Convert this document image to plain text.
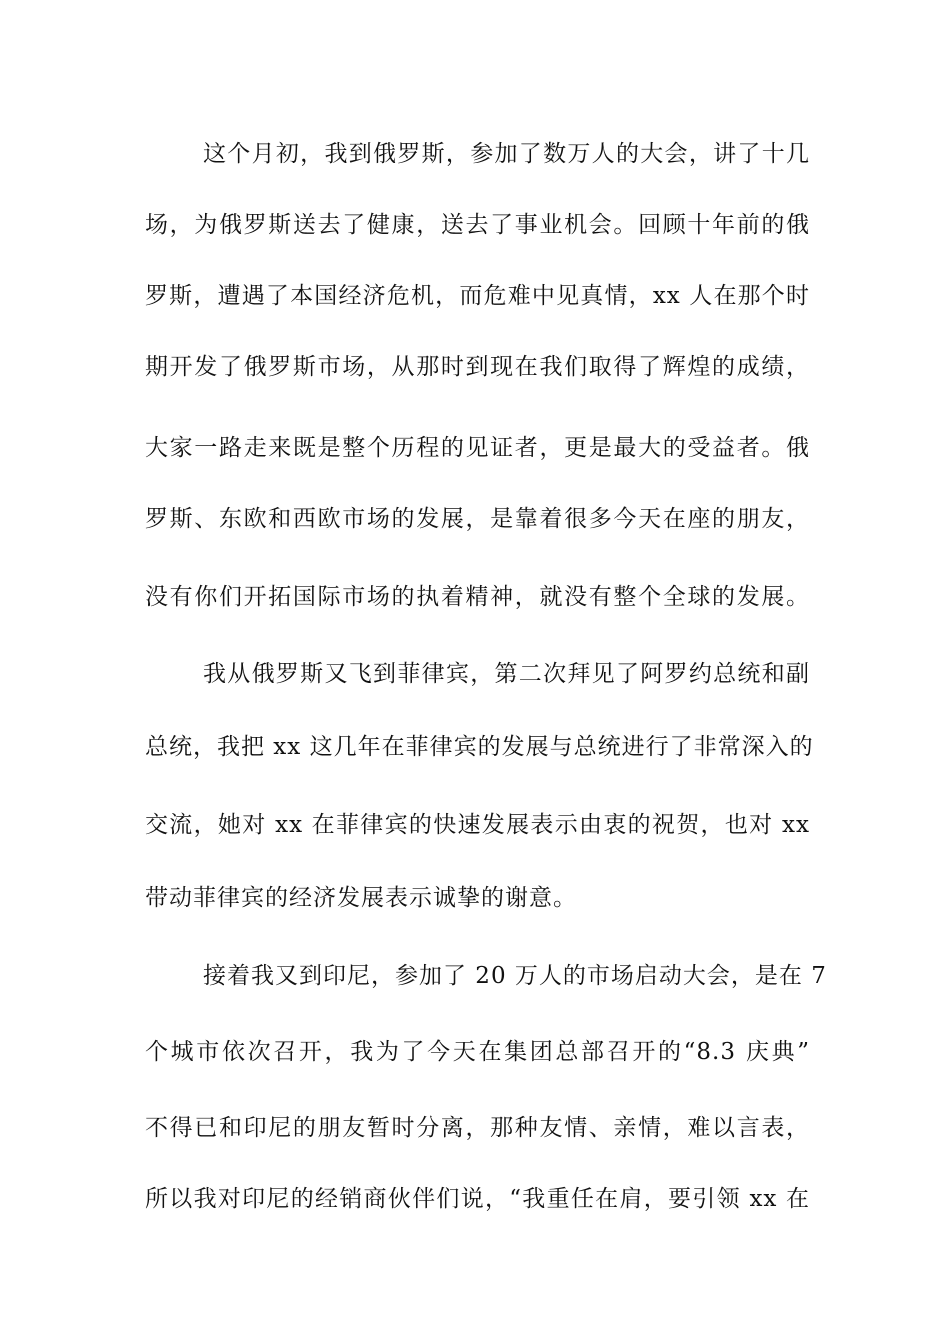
这个月初，我到俄罗斯，参加了数万人的大会，讲了十几
场，为俄罗斯送去了健康，送去了事业机会。回顾十年前的俄
罗斯，遭遇了本国经济危机，而危难中见真情，xx 人在那个时
期开发了俄罗斯市场，从那时到现在我们取得了辉煌的成绩，
大家一路走来既是整个历程的见证者，更是最大的受益者。俄
罗斯、东欧和西欧市场的发展，是靠着很多今天在座的朋友，
没有你们开拓国际市场的执着精神，就没有整个全球的发展。
我从俄罗斯又飞到菲律宾，第二次拜见了阿罗约总统和副
总统，我把 xx 这几年在菲律宾的发展与总统进行了非常深入的
交流，她对 xx 在菲律宾的快速发展表示由衷的祝贺，也对 xx
带动菲律宾的经济发展表示诚挚的谢意。
接着我又到印尼，参加了 20 万人的市场启动大会，是在 7
个城市依次召开，我为了今天在集团总部召开的“8.3 庆典”
不得已和印尼的朋友暂时分离，那种友情、亲情，难以言表，
所以我对印尼的经销商伙伴们说，“我重任在肩，要引领 xx 在
